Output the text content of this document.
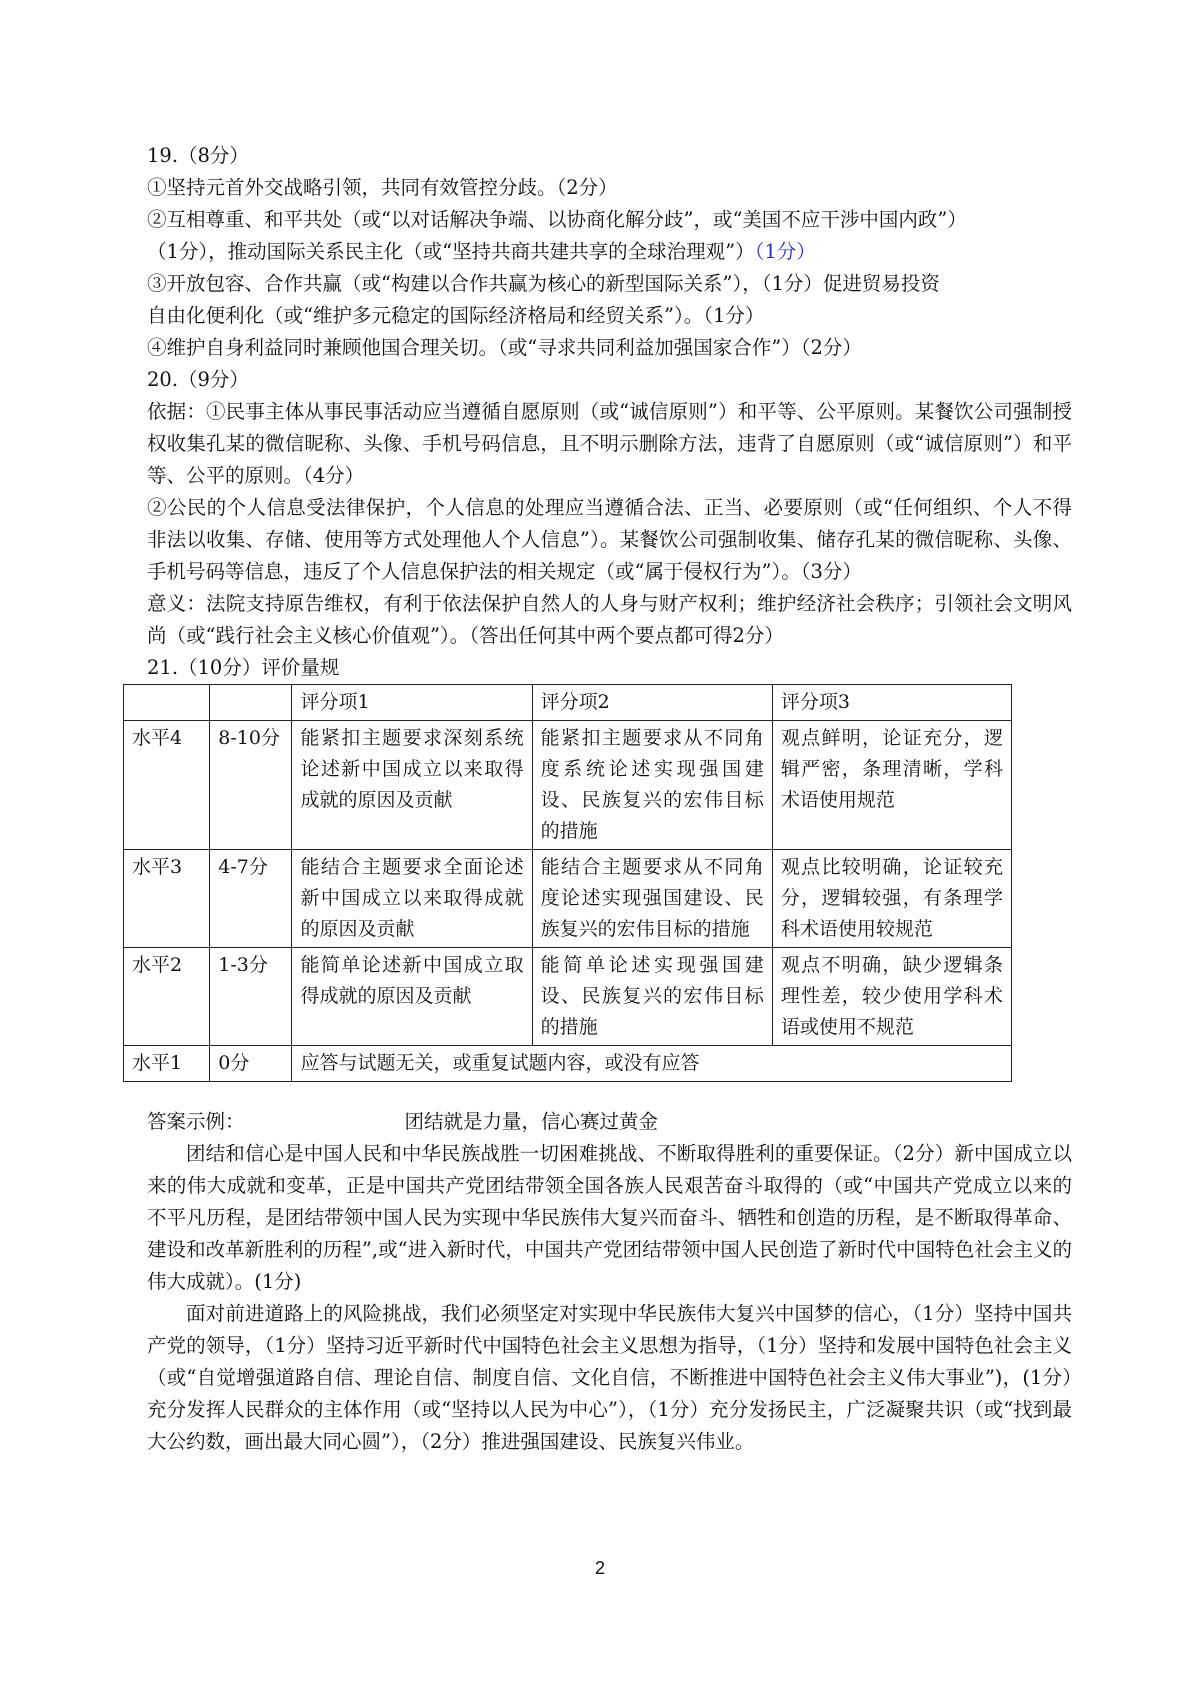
19.（8分）
①坚持元首外交战略引领，共同有效管控分歧。（2分）
②互相尊重、和平共处（或“以对话解决争端、以协商化解分歧”，或“美国不应干涉中国内政”）
（1分），推动国际关系民主化（或“坚持共商共建共享的全球治理观”）（1分）
③开放包容、合作共赢（或“构建以合作共赢为核心的新型国际关系”），（1分）促进贸易投资
自由化便利化（或“维护多元稳定的国际经济格局和经贸关系”）。（1分）
④维护自身利益同时兼顾他国合理关切。（或“寻求共同利益加强国家合作”）（2分）
20.（9分）
依据：①民事主体从事民事活动应当遵循自愿原则（或“诚信原则”）和平等、公平原则。某餐饮公司强制授权收集孔某的微信昵称、头像、手机号码信息，且不明示删除方法，违背了自愿原则（或“诚信原则”）和平等、公平的原则。（4分）
②公民的个人信息受法律保护，个人信息的处理应当遵循合法、正当、必要原则（或“任何组织、个人不得非法以收集、存储、使用等方式处理他人个人信息”）。某餐饮公司强制收集、储存孔某的微信昵称、头像、手机号码等信息，违反了个人信息保护法的相关规定（或“属于侵权行为”）。（3分）
意义：法院支持原告维权，有利于依法保护自然人的人身与财产权利；维护经济社会秩序；引领社会文明风尚（或“践行社会主义核心价值观”）。（答出任何其中两个要点都可得2分）
21.（10分）评价量规
		评分项1	评分项2	评分项3
水平4	8-10分	能紧扣主题要求深刻系统论述新中国成立以来取得成就的原因及贡献	能紧扣主题要求从不同角度系统论述实现强国建设、民族复兴的宏伟目标的措施	观点鲜明，论证充分，逻辑严密，条理清晰，学科术语使用规范
水平3	4-7分	能结合主题要求全面论述新中国成立以来取得成就的原因及贡献	能结合主题要求从不同角度论述实现强国建设、民族复兴的宏伟目标的措施	观点比较明确，论证较充分，逻辑较强，有条理学科术语使用较规范
水平2	1-3分	能简单论述新中国成立取得成就的原因及贡献	能简单论述实现强国建设、民族复兴的宏伟目标的措施	观点不明确，缺少逻辑条理性差，较少使用学科术语或使用不规范
水平1	0分	应答与试题无关，或重复试题内容，或没有应答		
答案示例：	团结就是力量，信心赛过黄金
团结和信心是中国人民和中华民族战胜一切困难挑战、不断取得胜利的重要保证。（2分）新中国成立以来的伟大成就和变革，正是中国共产党团结带领全国各族人民艰苦奋斗取得的（或“中国共产党成立以来的不平凡历程，是团结带领中国人民为实现中华民族伟大复兴而奋斗、牺牲和创造的历程，是不断取得革命、建设和改革新胜利的历程”,或“进入新时代，中国共产党团结带领中国人民创造了新时代中国特色社会主义的伟大成就）。(1分)
面对前进道路上的风险挑战，我们必须坚定对实现中华民族伟大复兴中国梦的信心，（1分）坚持中国共产党的领导，（1分）坚持习近平新时代中国特色社会主义思想为指导，（1分）坚持和发展中国特色社会主义（或“自觉增强道路自信、理论自信、制度自信、文化自信，不断推进中国特色社会主义伟大事业”)，(1分）充分发挥人民群众的主体作用（或“坚持以人民为中心”），（1分）充分发扬民主，广泛凝聚共识（或“找到最大公约数，画出最大同心圆”），（2分）推进强国建设、民族复兴伟业。
2
